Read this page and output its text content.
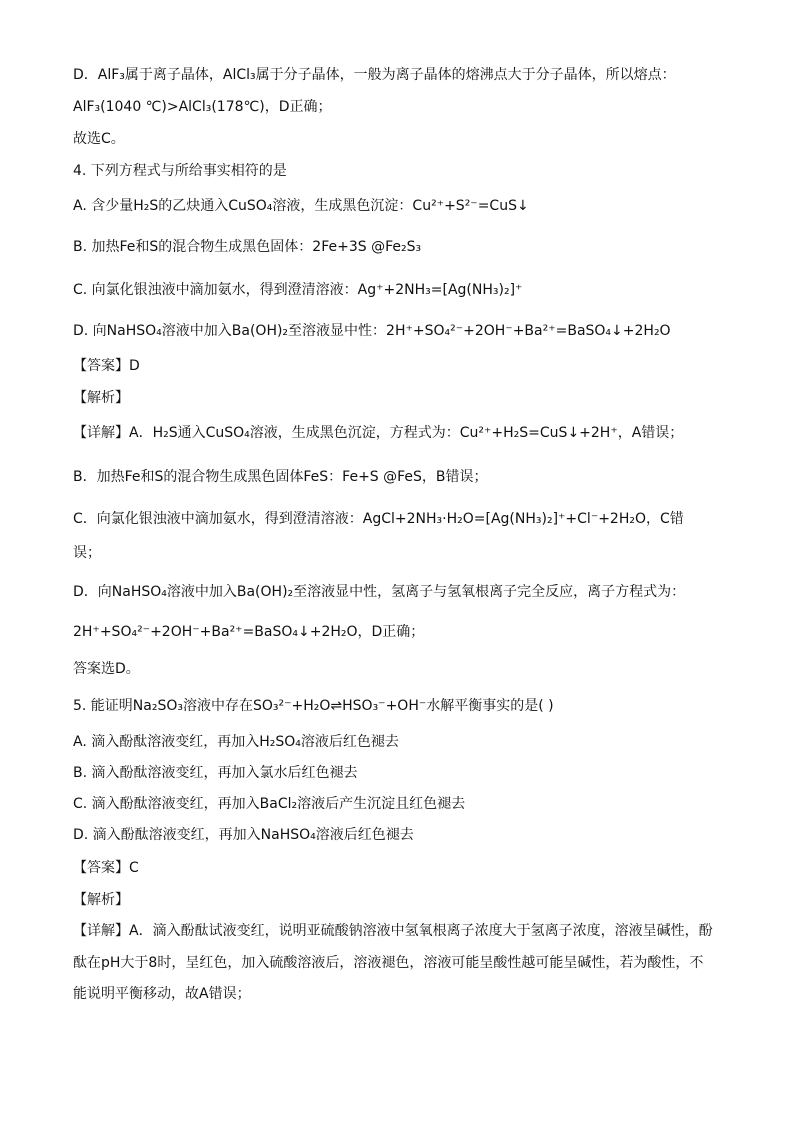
D．AlF₃属于离子晶体，AlCl₃属于分子晶体，一般为离子晶体的熔沸点大于分子晶体，所以熔点：
AlF₃(1040 ℃)>AlCl₃(178℃)，D正确；
故选C。
4. 下列方程式与所给事实相符的是
A. 含少量H₂S的乙炔通入CuSO₄溶液，生成黑色沉淀：Cu²⁺+S²⁻=CuS↓
B. 加热Fe和S的混合物生成黑色固体：2Fe+3S @Fe₂S₃
C. 向氯化银浊液中滴加氨水，得到澄清溶液：Ag⁺+2NH₃=[Ag(NH₃)₂]⁺
D. 向NaHSO₄溶液中加入Ba(OH)₂至溶液显中性：2H⁺+SO₄²⁻+2OH⁻+Ba²⁺=BaSO₄↓+2H₂O
【答案】D
【解析】
【详解】A．H₂S通入CuSO₄溶液，生成黑色沉淀，方程式为：Cu²⁺+H₂S=CuS↓+2H⁺，A错误；
B．加热Fe和S的混合物生成黑色固体FeS：Fe+S @FeS，B错误；
C．向氯化银浊液中滴加氨水，得到澄清溶液：AgCl+2NH₃·H₂O=[Ag(NH₃)₂]⁺+Cl⁻+2H₂O，C错
误；
D．向NaHSO₄溶液中加入Ba(OH)₂至溶液显中性，氢离子与氢氧根离子完全反应，离子方程式为：
2H⁺+SO₄²⁻+2OH⁻+Ba²⁺=BaSO₄↓+2H₂O，D正确；
答案选D。
5. 能证明Na₂SO₃溶液中存在SO₃²⁻+H₂O⇌HSO₃⁻+OH⁻水解平衡事实的是( )
A. 滴入酚酞溶液变红，再加入H₂SO₄溶液后红色褪去
B. 滴入酚酞溶液变红，再加入氯水后红色褪去
C. 滴入酚酞溶液变红，再加入BaCl₂溶液后产生沉淀且红色褪去
D. 滴入酚酞溶液变红，再加入NaHSO₄溶液后红色褪去
【答案】C
【解析】
【详解】A．滴入酚酞试液变红，说明亚硫酸钠溶液中氢氧根离子浓度大于氢离子浓度，溶液呈碱性，酚
酞在pH大于8时，呈红色，加入硫酸溶液后，溶液褪色，溶液可能呈酸性越可能呈碱性，若为酸性，不
能说明平衡移动，故A错误；
